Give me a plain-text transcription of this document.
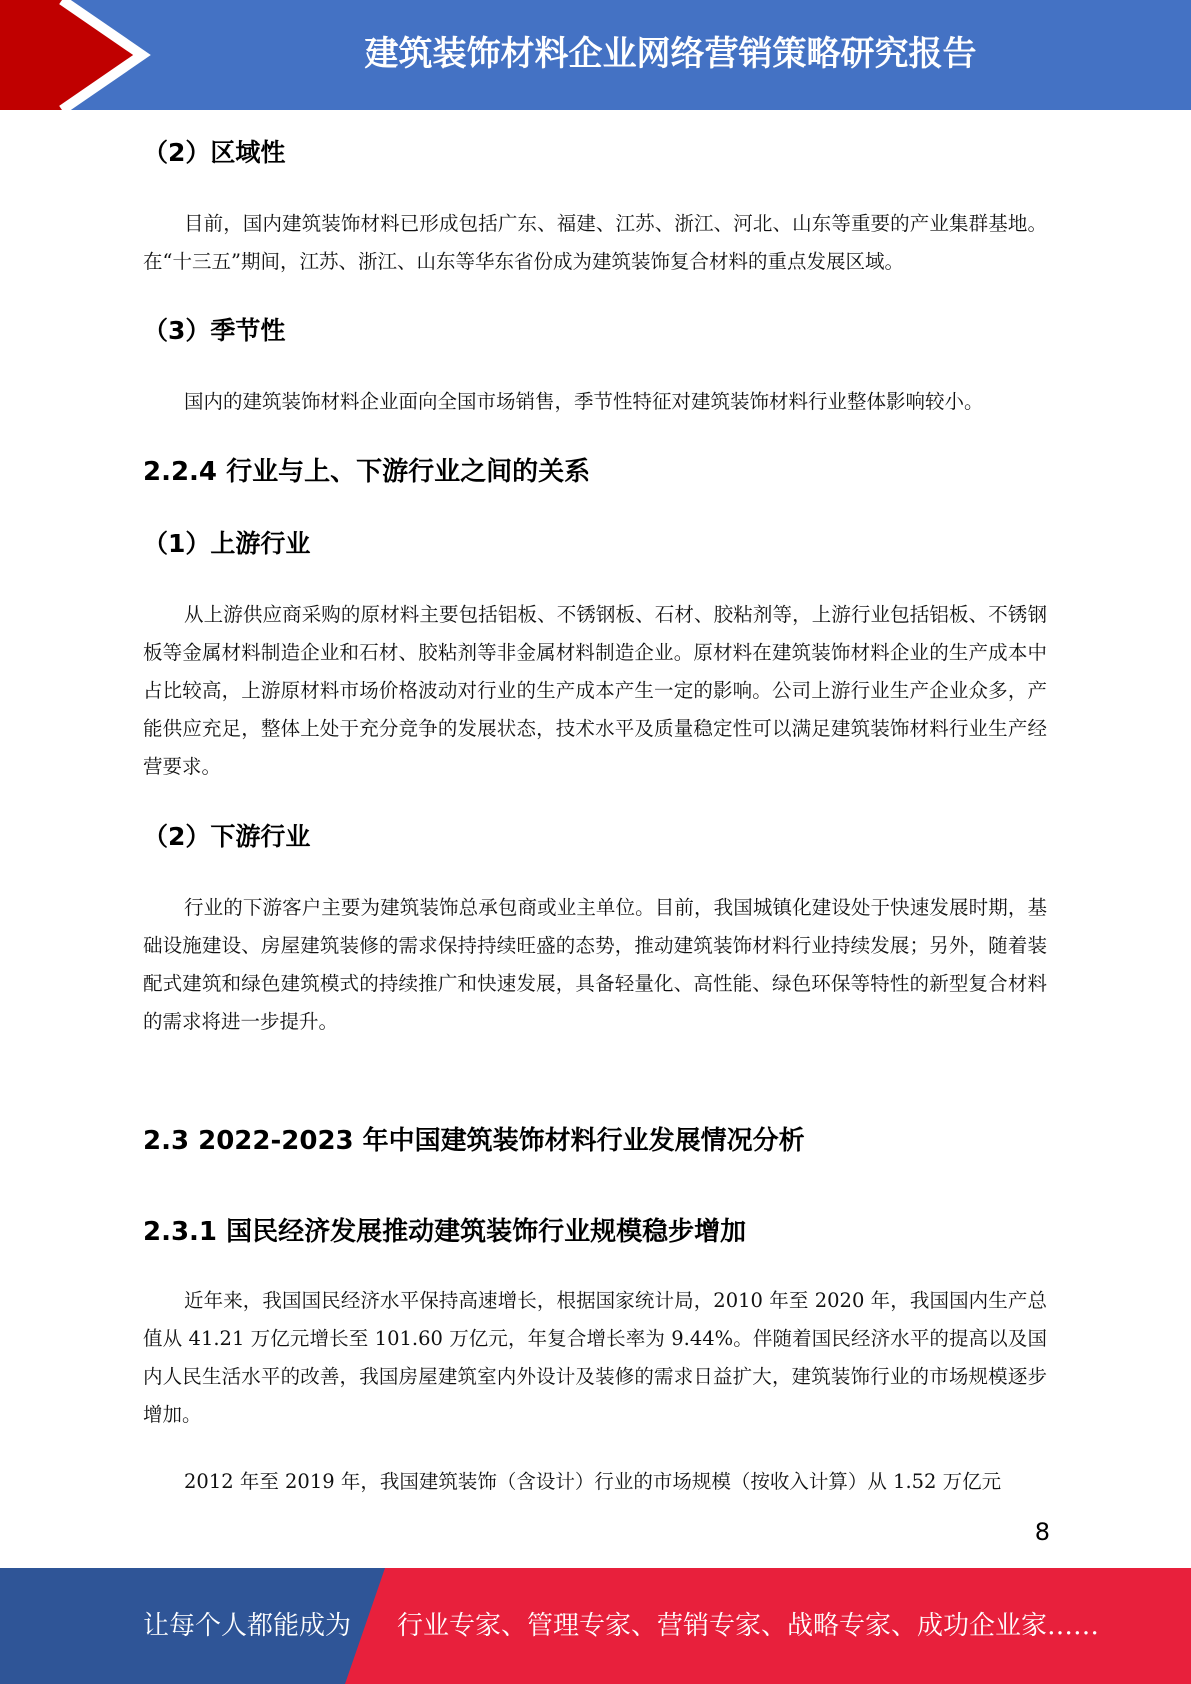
建筑装饰材料企业网络营销策略研究报告
（2）区域性

目前，国内建筑装饰材料已形成包括广东、福建、江苏、浙江、河北、山东等重要的产业集群基地。在“十三五”期间，江苏、浙江、山东等华东省份成为建筑装饰复合材料的重点发展区域。

（3）季节性

国内的建筑装饰材料企业面向全国市场销售，季节性特征对建筑装饰材料行业整体影响较小。

2.2.4 行业与上、下游行业之间的关系
（1）上游行业

从上游供应商采购的原材料主要包括铝板、不锈钢板、石材、胶粘剂等，上游行业包括铝板、不锈钢板等金属材料制造企业和石材、胶粘剂等非金属材料制造企业。原材料在建筑装饰材料企业的生产成本中占比较高，上游原材料市场价格波动对行业的生产成本产生一定的影响。公司上游行业生产企业众多，产能供应充足，整体上处于充分竞争的发展状态，技术水平及质量稳定性可以满足建筑装饰材料行业生产经营要求。

（2）下游行业

行业的下游客户主要为建筑装饰总承包商或业主单位。目前，我国城镇化建设处于快速发展时期，基础设施建设、房屋建筑装修的需求保持持续旺盛的态势，推动建筑装饰材料行业持续发展；另外，随着装配式建筑和绿色建筑模式的持续推广和快速发展，具备轻量化、高性能、绿色环保等特性的新型复合材料的需求将进一步提升。

2.3 2022-2023 年中国建筑装饰材料行业发展情况分析
2.3.1 国民经济发展推动建筑装饰行业规模稳步增加

近年来，我国国民经济水平保持高速增长，根据国家统计局，2010 年至 2020 年，我国国内生产总值从 41.21 万亿元增长至 101.60 万亿元，年复合增长率为 9.44%。伴随着国民经济水平的提高以及国内人民生活水平的改善，我国房屋建筑室内外设计及装修的需求日益扩大，建筑装饰行业的市场规模逐步增加。

2012 年至 2019 年，我国建筑装饰（含设计）行业的市场规模（按收入计算）从 1.52 万亿元

8
让每个人都能成为 行业专家、管理专家、营销专家、战略专家、成功企业家……
